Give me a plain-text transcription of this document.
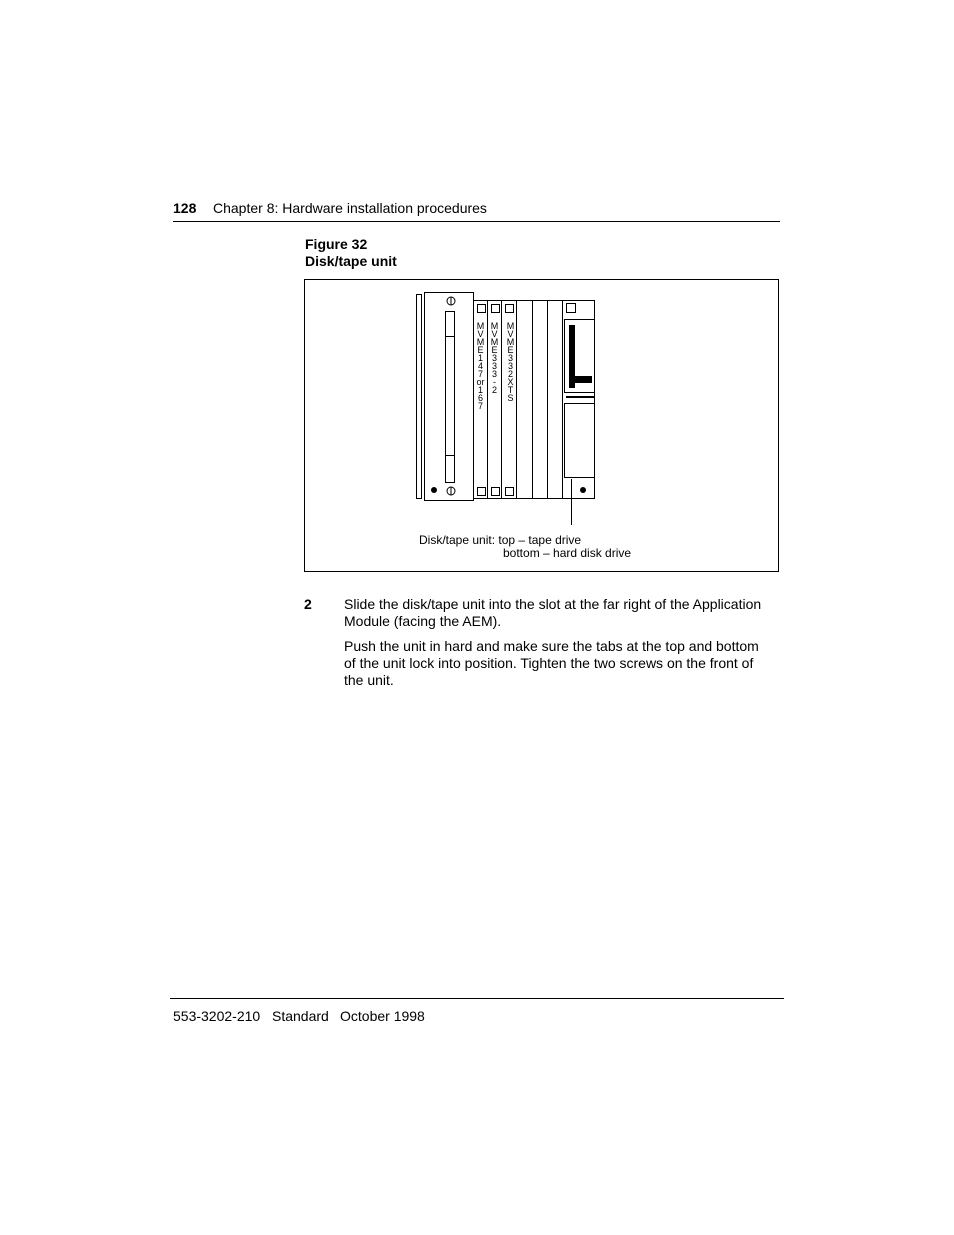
128 Chapter 8: Hardware installation procedures
Figure 32
Disk/tape unit
M
V
M
E
1
4
7
or
1
6
7
M
V
M
E
3
3
3
-
2
M
V
M
E
3
3
2
X
T
S
Disk/tape unit: top – tape drive
bottom – hard disk drive
2 Slide the disk/tape unit into the slot at the far right of the Application Module (facing the AEM).
Push the unit in hard and make sure the tabs at the top and bottom of the unit lock into position. Tighten the two screws on the front of the unit.
553-3202-210 Standard October 1998
